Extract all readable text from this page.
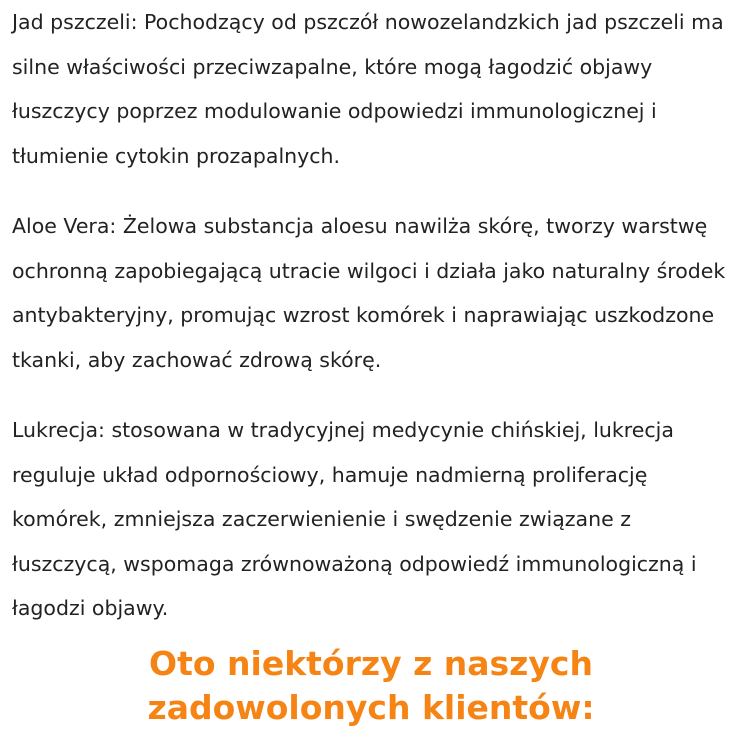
Jad pszczeli: Pochodzący od pszczół nowozelandzkich jad pszczeli ma silne właściwości przeciwzapalne, które mogą łagodzić objawy łuszczycy poprzez modulowanie odpowiedzi immunologicznej i tłumienie cytokin prozapalnych.

Aloe Vera: Żelowa substancja aloesu nawilża skórę, tworzy warstwę ochronną zapobiegającą utracie wilgoci i działa jako naturalny środek antybakteryjny, promując wzrost komórek i naprawiając uszkodzone tkanki, aby zachować zdrową skórę.

Lukrecja: stosowana w tradycyjnej medycynie chińskiej, lukrecja reguluje układ odpornościowy, hamuje nadmierną proliferację komórek, zmniejsza zaczerwienienie i swędzenie związane z łuszczycą, wspomaga zrównoważoną odpowiedź immunologiczną i łagodzi objawy.

Oto niektórzy z naszych zadowolonych klientów:
